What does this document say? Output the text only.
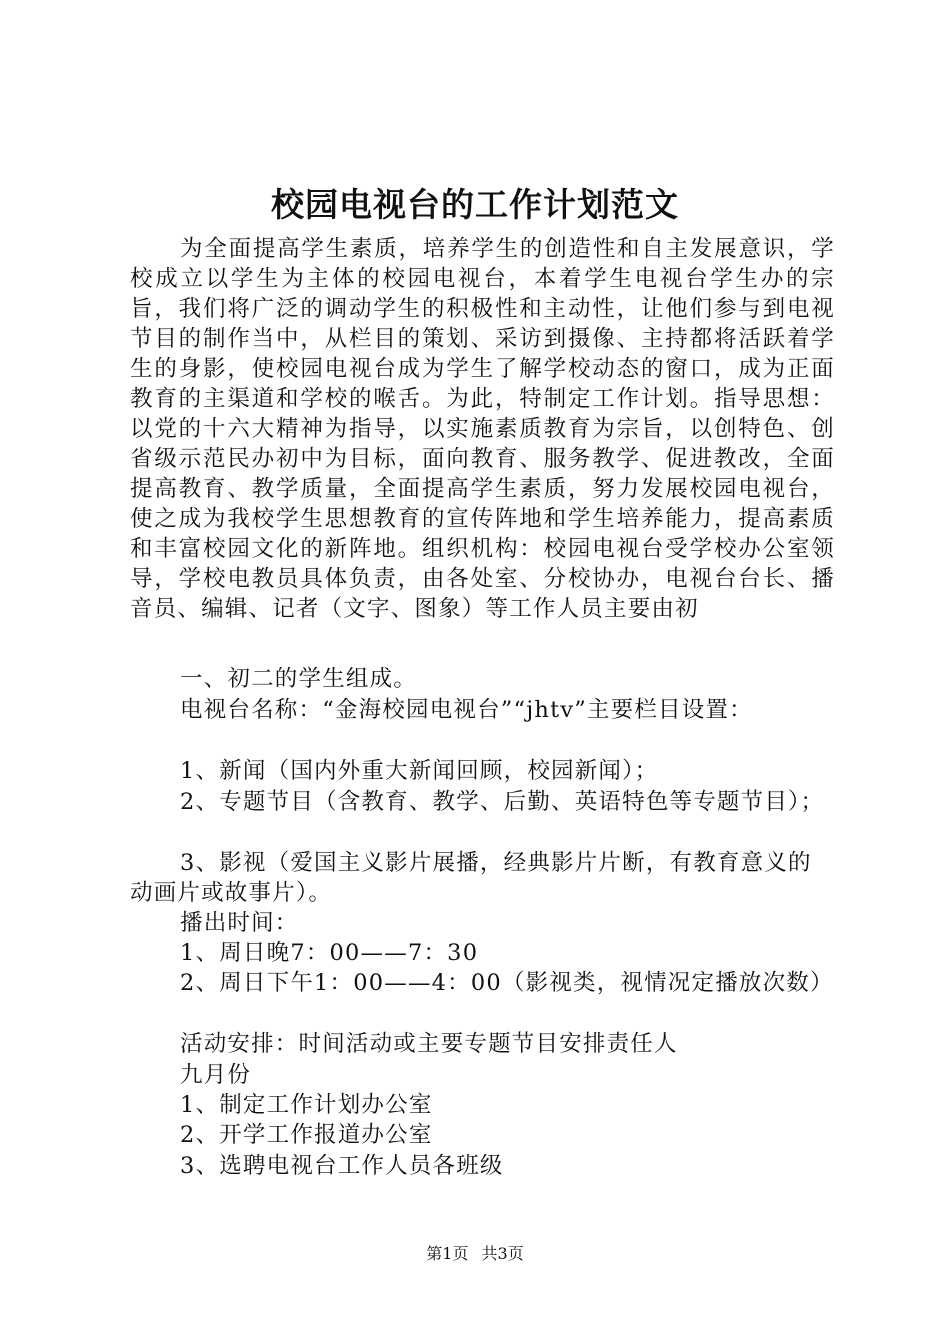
校园电视台的工作计划范文

为全面提高学生素质，培养学生的创造性和自主发展意识，学校成立以学生为主体的校园电视台，本着学生电视台学生办的宗旨，我们将广泛的调动学生的积极性和主动性，让他们参与到电视节目的制作当中，从栏目的策划、采访到摄像、主持都将活跃着学生的身影，使校园电视台成为学生了解学校动态的窗口，成为正面教育的主渠道和学校的喉舌。为此，特制定工作计划。指导思想：以党的十六大精神为指导，以实施素质教育为宗旨，以创特色、创省级示范民办初中为目标，面向教育、服务教学、促进教改，全面提高教育、教学质量，全面提高学生素质，努力发展校园电视台，使之成为我校学生思想教育的宣传阵地和学生培养能力，提高素质和丰富校园文化的新阵地。组织机构：校园电视台受学校办公室领导，学校电教员具体负责，由各处室、分校协办，电视台台长、播音员、编辑、记者（文字、图象）等工作人员主要由初

一、初二的学生组成。

电视台名称：“金海校园电视台”“jhtv”主要栏目设置：

1、新闻（国内外重大新闻回顾，校园新闻）；

2、专题节目（含教育、教学、后勤、英语特色等专题节目）；

3、影视（爱国主义影片展播，经典影片片断，有教育意义的动画片或故事片）。

播出时间：

1、周日晚7：00——7：30

2、周日下午1：00——4：00（影视类，视情况定播放次数）

活动安排：时间活动或主要专题节目安排责任人

九月份

1、制定工作计划办公室

2、开学工作报道办公室

3、选聘电视台工作人员各班级

第1页 共3页
